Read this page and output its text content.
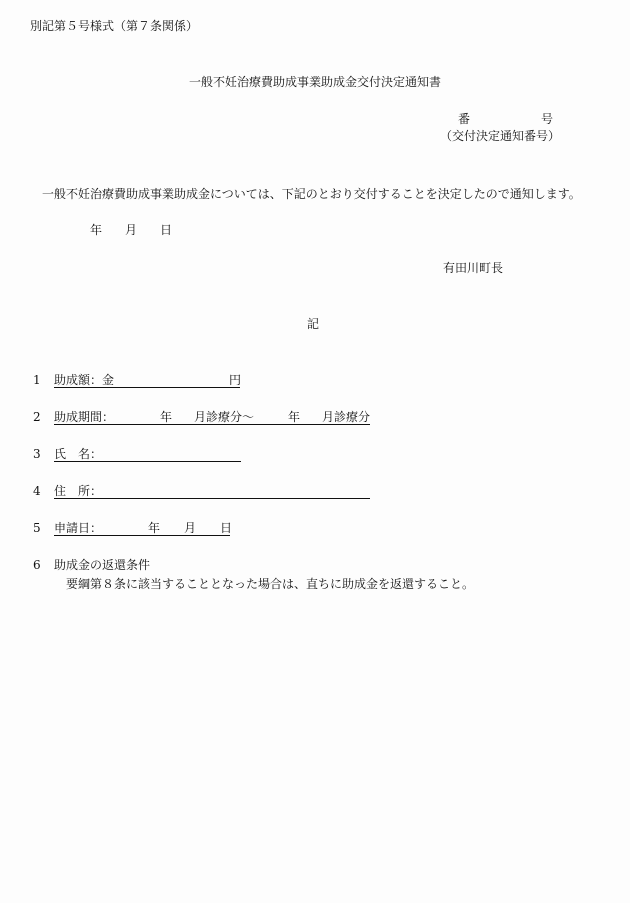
別記第５号様式（第７条関係）
一般不妊治療費助成事業助成金交付決定通知書
番	号
（交付決定通知番号）
一般不妊治療費助成事業助成金については、下記のとおり交付することを決定したので通知します。
年 月 日
有田川町長
記
1 助成額：金	円
2 助成期間：	年 月診療分～	年 月診療分
3 氏　名：
4 住　所：
5 申請日：	年 月 日
6 助成金の返還条件
要綱第８条に該当することとなった場合は、直ちに助成金を返還すること。
